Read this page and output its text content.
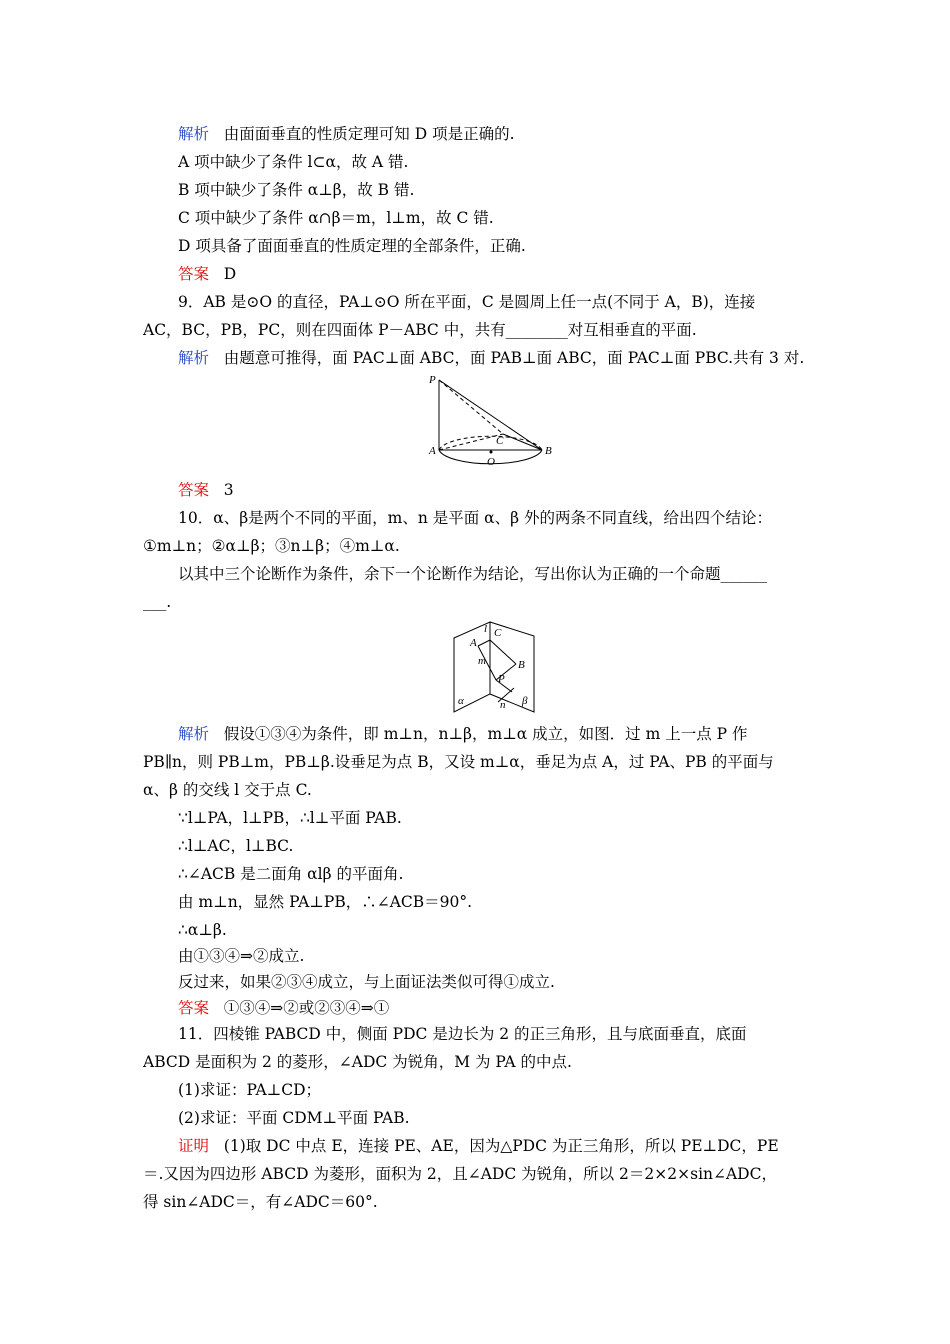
解析 由面面垂直的性质定理可知 D 项是正确的.
A 项中缺少了条件 l⊂α，故 A 错.
B 项中缺少了条件 α⊥β，故 B 错.
C 项中缺少了条件 α∩β＝m，l⊥m，故 C 错.
D 项具备了面面垂直的性质定理的全部条件，正确.
答案 D
9．AB 是⊙O 的直径，PA⊥⊙O 所在平面，C 是圆周上任一点(不同于 A，B)，连接
AC，BC，PB，PC，则在四面体 P－ABC 中，共有________对互相垂直的平面.
解析 由题意可推得，面 PAC⊥面 ABC，面 PAB⊥面 ABC，面 PAC⊥面 PBC.共有 3 对.
P
A	B
C
O
答案 3
10．α、β是两个不同的平面，m、n 是平面 α、β 外的两条不同直线，给出四个结论：
①m⊥n；②α⊥β；③n⊥β；④m⊥α.
以其中三个论断作为条件，余下一个论断作为结论，写出你认为正确的一个命题______
___.
l C
A
m	B
P
n
α	β
解析 假设①③④为条件，即 m⊥n，n⊥β，m⊥α 成立，如图．过 m 上一点 P 作
PB∥n，则 PB⊥m，PB⊥β.设垂足为点 B，又设 m⊥α，垂足为点 A，过 PA、PB 的平面与
α、β 的交线 l 交于点 C.
∵l⊥PA，l⊥PB，∴l⊥平面 PAB.
∴l⊥AC，l⊥BC.
∴∠ACB 是二面角 αlβ 的平面角.
由 m⊥n，显然 PA⊥PB，∴∠ACB＝90°.
∴α⊥β.
由①③④⇒②成立.
反过来，如果②③④成立，与上面证法类似可得①成立.
答案 ①③④⇒②或②③④⇒①
11．四棱锥 PABCD 中，侧面 PDC 是边长为 2 的正三角形，且与底面垂直，底面
ABCD 是面积为 2 的菱形，∠ADC 为锐角，M 为 PA 的中点.
(1)求证：PA⊥CD；
(2)求证：平面 CDM⊥平面 PAB.
证明 (1)取 DC 中点 E，连接 PE、AE，因为△PDC 为正三角形，所以 PE⊥DC，PE
＝.又因为四边形 ABCD 为菱形，面积为 2，且∠ADC 为锐角，所以 2＝2×2×sin∠ADC，
得 sin∠ADC＝，有∠ADC＝60°.
